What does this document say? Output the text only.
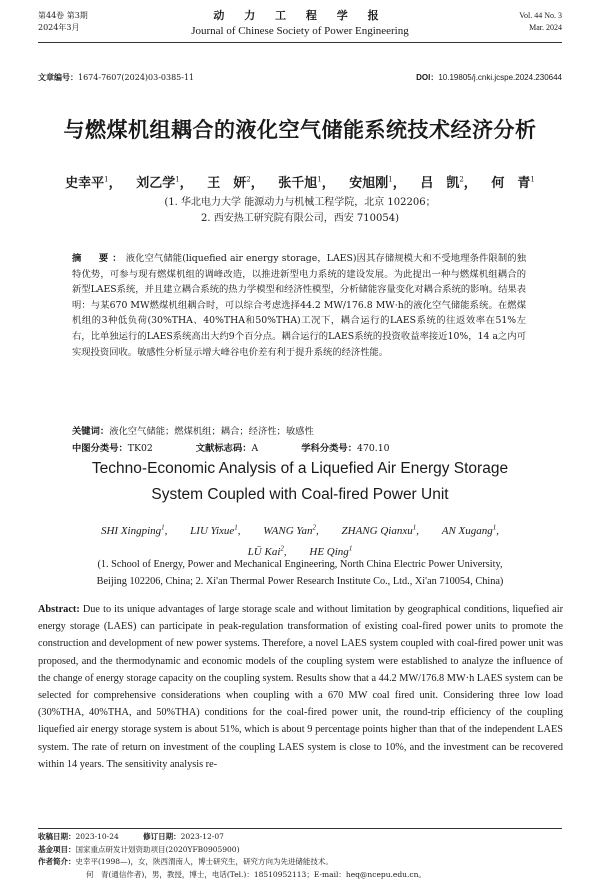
第44卷 第3期
2024年3月
动 力 工 程 学 报
Journal of Chinese Society of Power Engineering
Vol. 44 No. 3
Mar. 2024
文章编号：1674-7607(2024)03-0385-11	DOI：10.19805/j.cnki.jcspe.2024.230644
与燃煤机组耦合的液化空气储能系统技术经济分析
史幸平$^1$， 刘乙学$^1$， 王　妍$^2$， 张千旭$^1$， 安旭刚$^1$， 吕　凯$^2$， 何　青$^1$
(1. 华北电力大学 能源动力与机械工程学院，北京 102206；
2. 西安热工研究院有限公司，西安 710054)
摘　要：液化空气储能(liquefied air energy storage，LAES)因其存储规模大和不受地理条件限制的独特优势，可参与现有燃煤机组的调峰改造，以推进新型电力系统的建设发展。为此提出一种与燃煤机组耦合的新型LAES系统，并且建立耦合系统的热力学模型和经济性模型，分析储能容量变化对耦合系统的影响。结果表明：与某670 MW燃煤机组耦合时，可以综合考虑选择44.2 MW/176.8 MW·h的液化空气储能系统。在燃煤机组的3种低负荷(30%THA、40%THA和50%THA)工况下，耦合运行的LAES系统的往返效率在51%左右，比单独运行的LAES系统高出大约9个百分点。耦合运行的LAES系统的投资收益率接近10%，14 a之内可实现投资回收。敏感性分析显示增大峰谷电价差有利于提升系统的经济性能。
关键词：液化空气储能；燃煤机组；耦合；经济性；敏感性
中图分类号：TK02	文献标志码：A	学科分类号：470.10
Techno-Economic Analysis of a Liquefied Air Energy Storage
System Coupled with Coal-fired Power Unit
SHI Xingping$^1$, LIU Yixue$^1$, WANG Yan$^2$, ZHANG Qianxu$^1$, AN Xugang$^1$,
LÜ Kai$^2$, HE Qing$^1$
(1. School of Energy, Power and Mechanical Engineering, North China Electric Power University,
Beijing 102206, China; 2. Xi'an Thermal Power Research Institute Co., Ltd., Xi'an 710054, China)
Abstract: Due to its unique advantages of large storage scale and without limitation by geographical conditions, liquefied air energy storage (LAES) can participate in peak-regulation transformation of existing coal-fired power units to promote the construction and development of new power systems. Therefore, a novel LAES system coupled with coal-fired power unit was proposed, and the thermodynamic and economic models of the coupling system were established to analyze the influence of the change of energy storage capacity on the coupling system. Results show that a 44.2 MW/176.8 MW·h LAES system can be selected for comprehensive considerations when coupling with a 670 MW coal fired unit. Considering three low load (30%THA, 40%THA, and 50%THA) conditions for the coal-fired power unit, the round-trip efficiency of the coupling liquefied air energy storage system is about 51%, which is about 9 percentage points higher than that of the independent LAES system. The rate of return on investment of the coupling LAES system is close to 10%, and the investment can be recovered within 14 years. The sensitivity analysis re-
收稿日期：2023-10-24	修订日期：2023-12-07
基金项目：国家重点研发计划资助项目(2020YFB0905900)
作者简介：史幸平(1998—)，女，陕西渭南人，博士研究生，研究方向为先进储能技术。
何　青(通信作者)，男，教授，博士，电话(Tel.)：18510952113；E-mail：heq@ncepu.edu.cn。
